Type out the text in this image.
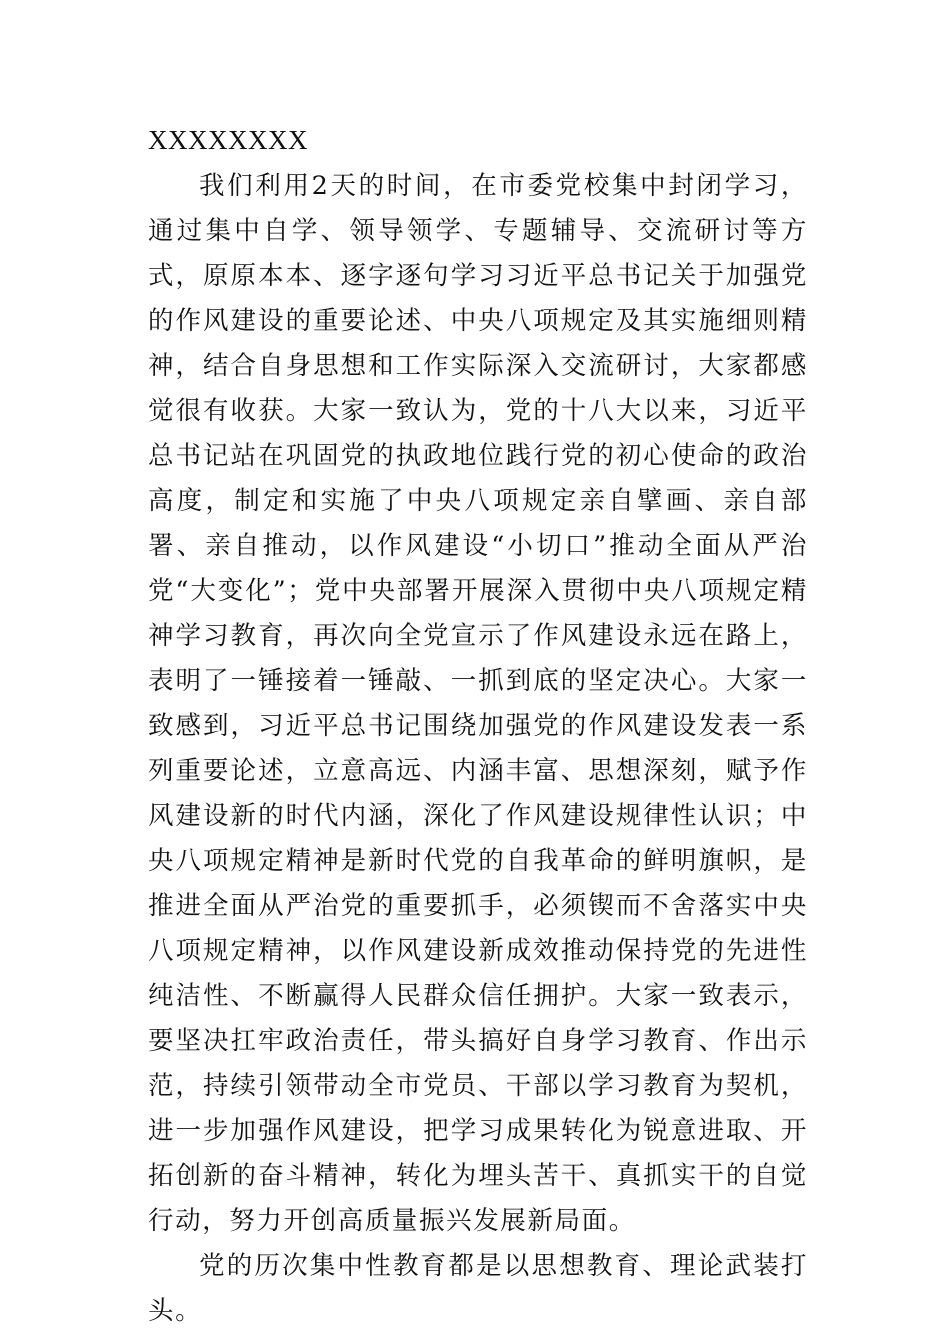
XXXXXXXX

我们利用2天的时间，在市委党校集中封闭学习，通过集中自学、领导领学、专题辅导、交流研讨等方式，原原本本、逐字逐句学习习近平总书记关于加强党的作风建设的重要论述、中央八项规定及其实施细则精神，结合自身思想和工作实际深入交流研讨，大家都感觉很有收获。大家一致认为，党的十八大以来，习近平总书记站在巩固党的执政地位践行党的初心使命的政治高度，制定和实施了中央八项规定亲自擘画、亲自部署、亲自推动，以作风建设“小切口”推动全面从严治党“大变化”；党中央部署开展深入贯彻中央八项规定精神学习教育，再次向全党宣示了作风建设永远在路上，表明了一锤接着一锤敲、一抓到底的坚定决心。大家一致感到，习近平总书记围绕加强党的作风建设发表一系列重要论述，立意高远、内涵丰富、思想深刻，赋予作风建设新的时代内涵，深化了作风建设规律性认识；中央八项规定精神是新时代党的自我革命的鲜明旗帜，是推进全面从严治党的重要抓手，必须锲而不舍落实中央八项规定精神，以作风建设新成效推动保持党的先进性纯洁性、不断赢得人民群众信任拥护。大家一致表示，要坚决扛牢政治责任，带头搞好自身学习教育、作出示范，持续引领带动全市党员、干部以学习教育为契机，进一步加强作风建设，把学习成果转化为锐意进取、开拓创新的奋斗精神，转化为埋头苦干、真抓实干的自觉行动，努力开创高质量振兴发展新局面。

党的历次集中性教育都是以思想教育、理论武装打头。
